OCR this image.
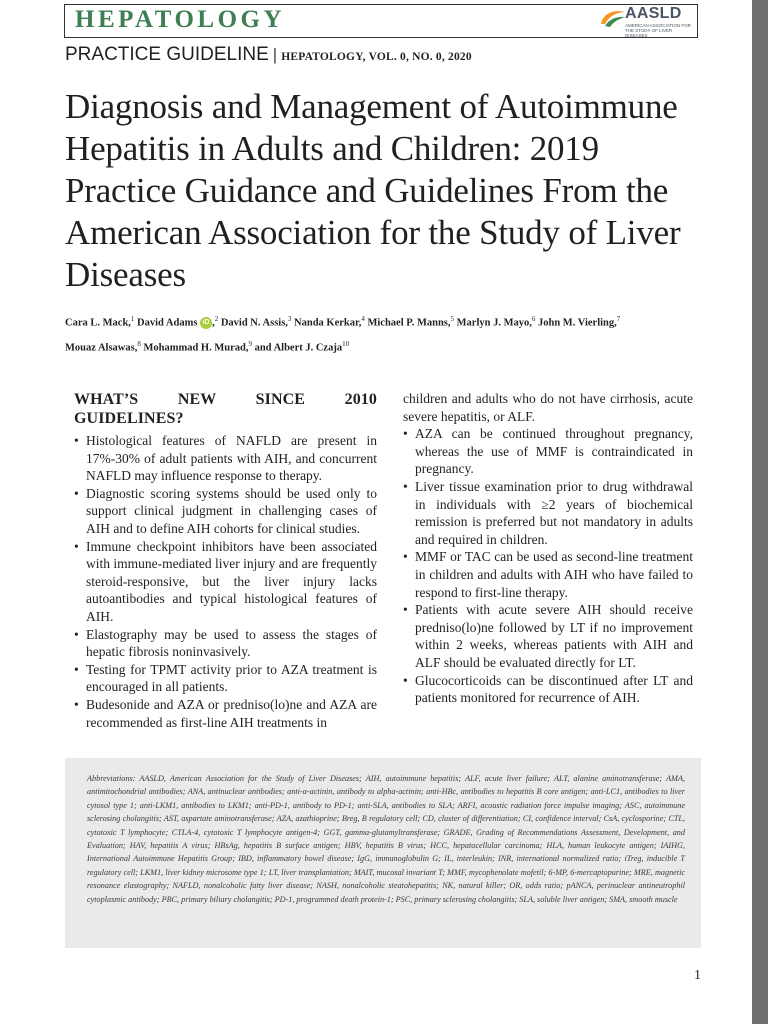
HEPATOLOGY	AASLD
AMERICAN ASSOCIATION FOR THE STUDY OF LIVER DISEASES
PRACTICE GUIDELINE | HEPATOLOGY, VOL. 0, NO. 0, 2020
Diagnosis and Management of Autoimmune Hepatitis in Adults and Children: 2019 Practice Guidance and Guidelines From the American Association for the Study of Liver Diseases
Cara L. Mack,$^1$ David Adams iD ,$^2$ David N. Assis,$^3$ Nanda Kerkar,$^4$ Michael P. Manns,$^5$ Marlyn J. Mayo,$^6$ John M. Vierling,$^7$
Mouaz Alsawas,$^8$ Mohammad H. Murad,$^9$ and Albert J. Czaja$^{10}$
WHAT’S NEW SINCE 2010 GUIDELINES?
• Histological features of NAFLD are present in 17%-30% of adult patients with AIH, and concurrent NAFLD may influence response to therapy.
• Diagnostic scoring systems should be used only to support clinical judgment in challenging cases of AIH and to define AIH cohorts for clinical studies.
• Immune checkpoint inhibitors have been associated with immune-mediated liver injury and are frequently steroid-responsive, but the liver injury lacks autoantibodies and typical histological features of AIH.
• Elastography may be used to assess the stages of hepatic fibrosis noninvasively.
• Testing for TPMT activity prior to AZA treatment is encouraged in all patients.
• Budesonide and AZA or predniso(lo)ne and AZA are recommended as first-line AIH treatments in

children and adults who do not have cirrhosis, acute severe hepatitis, or ALF.

• AZA can be continued throughout pregnancy, whereas the use of MMF is contraindicated in pregnancy.
• Liver tissue examination prior to drug withdrawal in individuals with ≥2 years of biochemical remission is preferred but not mandatory in adults and required in children.
• MMF or TAC can be used as second-line treatment in children and adults with AIH who have failed to respond to first-line therapy.
• Patients with acute severe AIH should receive predniso(lo)ne followed by LT if no improvement within 2 weeks, whereas patients with AIH and ALF should be evaluated directly for LT.
• Glucocorticoids can be discontinued after LT and patients monitored for recurrence of AIH.
Abbreviations: AASLD, American Association for the Study of Liver Diseases; AIH, autoimmune hepatitis; ALF, acute liver failure; ALT, alanine aminotransferase; AMA, antimitochondrial antibodies; ANA, antinuclear antibodies; anti-α-actinin, antibody to alpha-actinin; anti-HBc, antibodies to hepatitis B core antigen; anti-LC1, antibodies to liver cytosol type 1; anti-LKM1, antibodies to LKM1; anti-PD-1, antibody to PD-1; anti-SLA, antibodies to SLA; ARFI, acoustic radiation force impulse imaging; ASC, autoimmune sclerosing cholangitis; AST, aspartate aminotransferase; AZA, azathioprine; Breg, B regulatory cell; CD, cluster of differentiation; CI, confidence interval; CsA, cyclosporine; CTL, cytotoxic T lymphocyte; CTLA-4, cytotoxic T lymphocyte antigen-4; GGT, gamma-glutamyltransferase; GRADE, Grading of Recommendations Assessment, Development, and Evaluation; HAV, hepatitis A virus; HBsAg, hepatitis B surface antigen; HBV, hepatitis B virus; HCC, hepatocellular carcinoma; HLA, human leukocyte antigen; IAIHG, International Autoimmune Hepatitis Group; IBD, inflammatory bowel disease; IgG, immunoglobulin G; IL, interleukin; INR, international normalized ratio; iTreg, inducible T regulatory cell; LKM1, liver kidney microsome type 1; LT, liver transplantation; MAIT, mucosal invariant T; MMF, mycophenolate mofetil; 6-MP, 6-mercaptopurine; MRE, magnetic resonance elastography; NAFLD, nonalcoholic fatty liver disease; NASH, nonalcoholic steatohepatitis; NK, natural killer; OR, odds ratio; pANCA, perinuclear antineutrophil cytoplasmic antibody; PBC, primary biliary cholangitis; PD-1, programmed death protein-1; PSC, primary sclerosing cholangitis; SLA, soluble liver antigen; SMA, smooth muscle
1
